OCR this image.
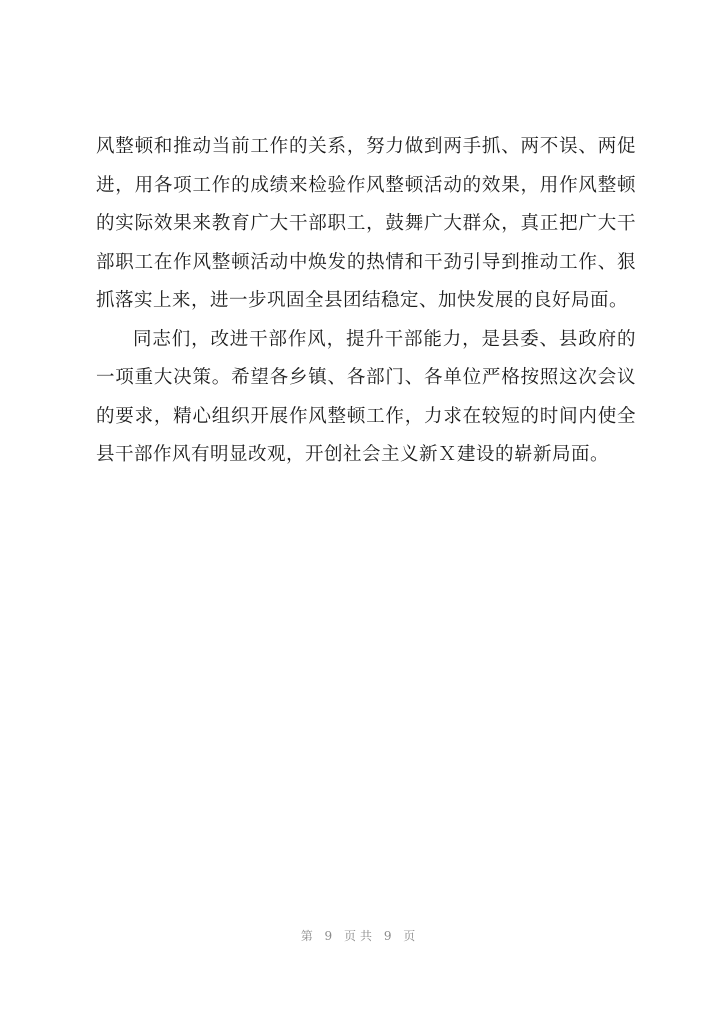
风整顿和推动当前工作的关系，努力做到两手抓、两不误、两促
进，用各项工作的成绩来检验作风整顿活动的效果，用作风整顿
的实际效果来教育广大干部职工，鼓舞广大群众，真正把广大干
部职工在作风整顿活动中焕发的热情和干劲引导到推动工作、狠
抓落实上来，进一步巩固全县团结稳定、加快发展的良好局面。
同志们，改进干部作风，提升干部能力，是县委、县政府的
一项重大决策。希望各乡镇、各部门、各单位严格按照这次会议
的要求，精心组织开展作风整顿工作，力求在较短的时间内使全
县干部作风有明显改观，开创社会主义新Ｘ建设的崭新局面。
第 9 页共 9 页
